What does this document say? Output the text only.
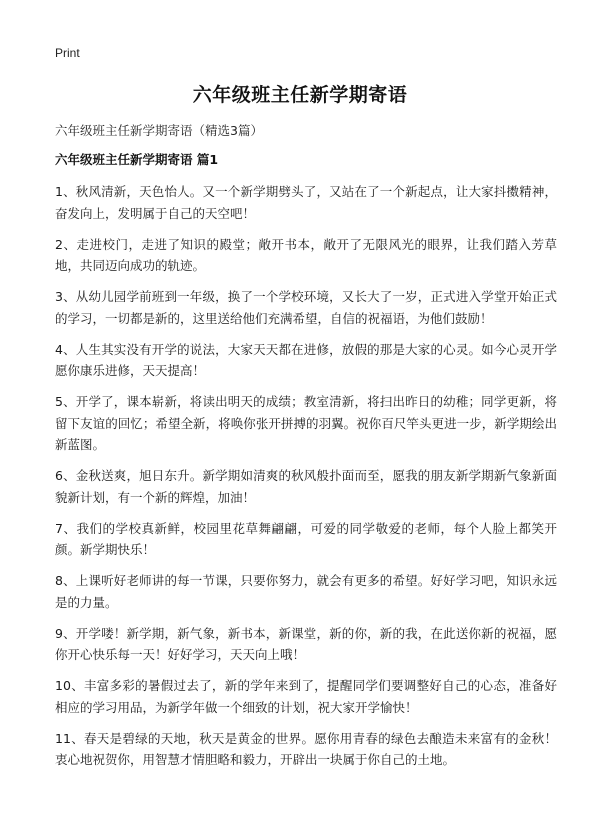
Print
六年级班主任新学期寄语
六年级班主任新学期寄语（精选3篇）
六年级班主任新学期寄语 篇1

1、秋风清新，天色怡人。又一个新学期劈头了，又站在了一个新起点，让大家抖擞精神，奋发向上，发明属于自己的天空吧！

2、走进校门，走进了知识的殿堂；敞开书本，敞开了无限风光的眼界，让我们踏入芳草地，共同迈向成功的轨迹。

3、从幼儿园学前班到一年级，换了一个学校环境，又长大了一岁，正式进入学堂开始正式的学习，一切都是新的，这里送给他们充满希望，自信的祝福语，为他们鼓励！

4、人生其实没有开学的说法，大家天天都在进修，放假的那是大家的心灵。如今心灵开学愿你康乐进修，天天提高！

5、开学了，课本崭新，将读出明天的成绩；教室清新，将扫出昨日的幼稚；同学更新，将留下友谊的回忆；希望全新，将唤你张开拼搏的羽翼。祝你百尺竿头更进一步，新学期绘出新蓝图。

6、金秋送爽，旭日东升。新学期如清爽的秋风般扑面而至，愿我的朋友新学期新气象新面貌新计划，有一个新的辉煌，加油！

7、我们的学校真新鲜，校园里花草舞翩翩，可爱的同学敬爱的老师，每个人脸上都笑开颜。新学期快乐！

8、上课听好老师讲的每一节课，只要你努力，就会有更多的希望。好好学习吧，知识永远是的力量。

9、开学喽！新学期，新气象，新书本，新课堂，新的你，新的我，在此送你新的祝福，愿你开心快乐每一天！好好学习，天天向上哦！

10、丰富多彩的暑假过去了，新的学年来到了，提醒同学们要调整好自己的心态，准备好相应的学习用品，为新学年做一个细致的计划，祝大家开学愉快！

11、春天是碧绿的天地，秋天是黄金的世界。愿你用青春的绿色去酿造未来富有的金秋！衷心地祝贺你，用智慧才情胆略和毅力，开辟出一块属于你自己的土地。
